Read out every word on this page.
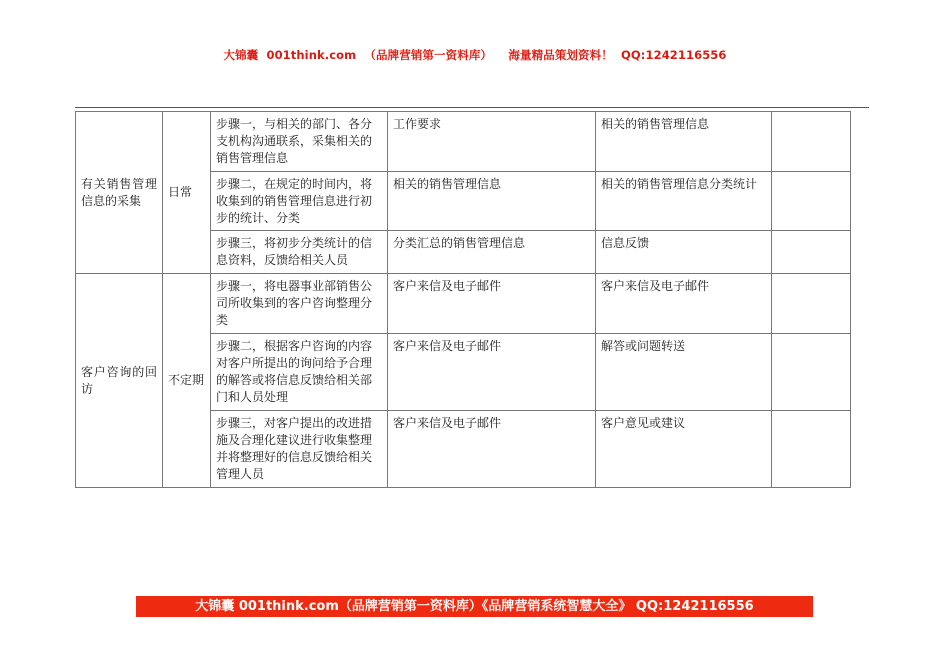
大锦囊  001think.com  （品牌营销第一资料库）    海量精品策划资料！  QQ:1242116556
有关销售管理信息的采集	日常	步骤一，与相关的部门、各分支机构沟通联系，采集相关的销售管理信息	工作要求	相关的销售管理信息	
		步骤二，在规定的时间内，将收集到的销售管理信息进行初步的统计、分类	相关的销售管理信息	相关的销售管理信息分类统计	
		步骤三，将初步分类统计的信息资料，反馈给相关人员	分类汇总的销售管理信息	信息反馈	
客户咨询的回访	不定期	步骤一，将电器事业部销售公司所收集到的客户咨询整理分类	客户来信及电子邮件	客户来信及电子邮件	
		步骤二，根据客户咨询的内容对客户所提出的询问给予合理的解答或将信息反馈给相关部门和人员处理	客户来信及电子邮件	解答或问题转送	
		步骤三，对客户提出的改进措施及合理化建议进行收集整理并将整理好的信息反馈给相关管理人员	客户来信及电子邮件	客户意见或建议	
大锦囊 001think.com（品牌营销第一资料库）《品牌营销系统智慧大全》 QQ:1242116556
